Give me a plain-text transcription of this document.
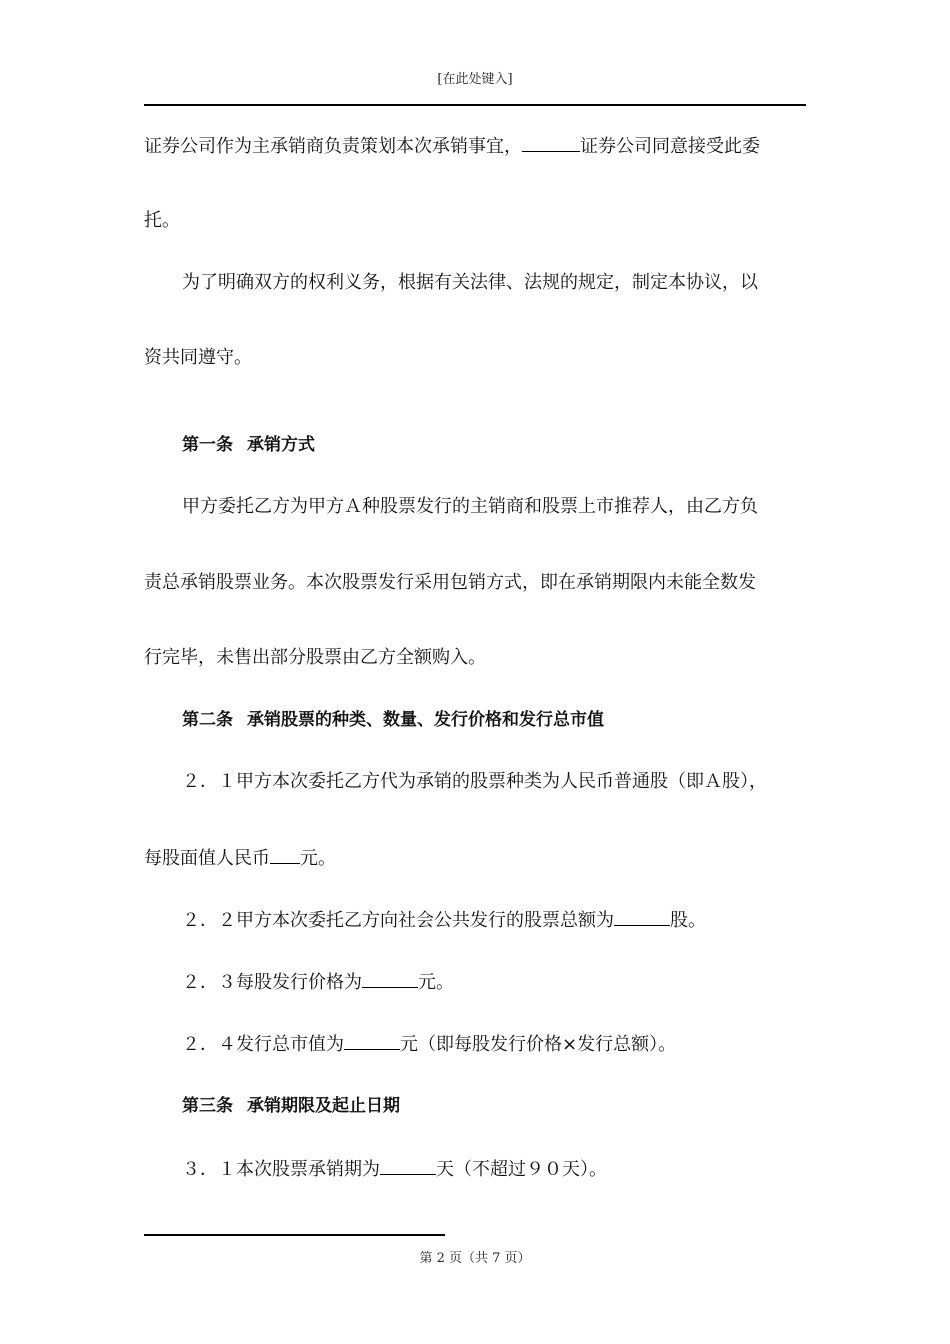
[在此处键入]
证券公司作为主承销商负责策划本次承销事宜，	证券公司同意接受此委
托。
为了明确双方的权利义务，根据有关法律、法规的规定，制定本协议，以
资共同遵守。
第一条 承销方式
甲方委托乙方为甲方Ａ种股票发行的主销商和股票上市推荐人，由乙方负
责总承销股票业务。本次股票发行采用包销方式，即在承销期限内未能全数发
行完毕，未售出部分股票由乙方全额购入。
第二条 承销股票的种类、数量、发行价格和发行总市值
２．１甲方本次委托乙方代为承销的股票种类为人民币普通股（即Ａ股），
每股面值人民币 元。
２．２甲方本次委托乙方向社会公共发行的股票总额为	股。
２．３每股发行价格为	元。
２．４发行总市值为	元（即每股发行价格×发行总额）。
第三条 承销期限及起止日期
３．１本次股票承销期为	天（不超过９０天）。
第 2 页（共 7 页）
